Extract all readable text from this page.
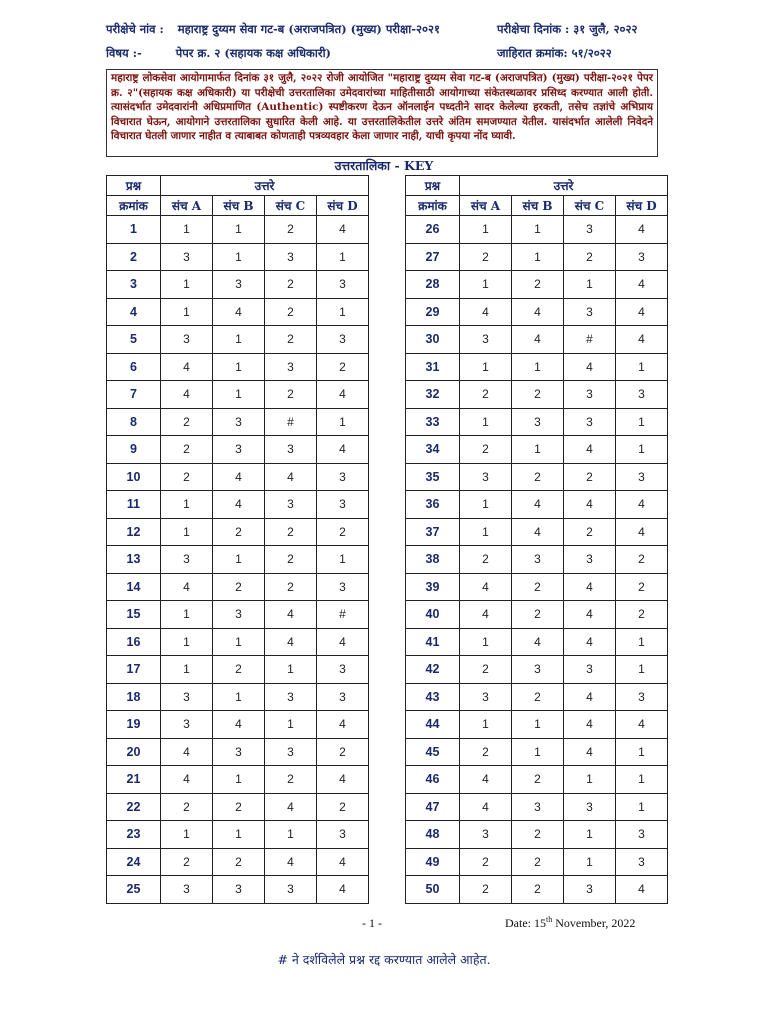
परीक्षेचे नांव : महाराष्ट्र दुय्यम सेवा गट-ब (अराजपत्रित) (मुख्य) परीक्षा-२०२१	परीक्षेचा दिनांक : ३१ जुलै, २०२२
विषय :-	पेपर क्र. २ (सहायक कक्ष अधिकारी)	जाहिरात क्रमांक: ५१/२०२२
महाराष्ट्र लोकसेवा आयोगामार्फत दिनांक ३१ जुलै, २०२२ रोजी आयोजित "महाराष्ट्र दुय्यम सेवा गट-ब (अराजपत्रित) (मुख्य) परीक्षा-२०२१ पेपर क्र. २"(सहायक कक्ष अधिकारी) या परीक्षेची उत्तरतालिका उमेदवारांच्या माहितीसाठी आयोगाच्या संकेतस्थळावर प्रसिध्द करण्यात आली होती. त्यासंदर्भात उमेदवारांनी अधिप्रमाणित (Authentic) स्पष्टीकरण देऊन ऑनलाईन पध्दतीने सादर केलेल्या हरकती, तसेच तज्ञांचे अभिप्राय विचारात घेऊन, आयोगाने उत्तरतालिका सुधारित केली आहे. या उत्तरतालिकेतील उत्तरे अंतिम समजण्यात येतील. यासंदर्भात आलेली निवेदने विचारात घेतली जाणार नाहीत व त्याबाबत कोणताही पत्रव्यवहार केला जाणार नाही, याची कृपया नोंद घ्यावी.
उत्तरतालिका - KEY
प्रश्न	उत्तरे			
क्रमांक	संच A	संच B	संच C	संच D
1	1	1	2	4
2	3	1	3	1
3	1	3	2	3
4	1	4	2	1
5	3	1	2	3
6	4	1	3	2
7	4	1	2	4
8	2	3	#	1
9	2	3	3	4
10	2	4	4	3
11	1	4	3	3
12	1	2	2	2
13	3	1	2	1
14	4	2	2	3
15	1	3	4	#
16	1	1	4	4
17	1	2	1	3
18	3	1	3	3
19	3	4	1	4
20	4	3	3	2
21	4	1	2	4
22	2	2	4	2
23	1	1	1	3
24	2	2	4	4
25	3	3	3	4
प्रश्न	उत्तरे			
क्रमांक	संच A	संच B	संच C	संच D
26	1	1	3	4
27	2	1	2	3
28	1	2	1	4
29	4	4	3	4
30	3	4	#	4
31	1	1	4	1
32	2	2	3	3
33	1	3	3	1
34	2	1	4	1
35	3	2	2	3
36	1	4	4	4
37	1	4	2	4
38	2	3	3	2
39	4	2	4	2
40	4	2	4	2
41	1	4	4	1
42	2	3	3	1
43	3	2	4	3
44	1	1	4	4
45	2	1	4	1
46	4	2	1	1
47	4	3	3	1
48	3	2	1	3
49	2	2	1	3
50	2	2	3	4
- 1 -	Date: 15th November, 2022
# ने दर्शविलेले प्रश्न रद्द करण्यात आलेले आहेत.
